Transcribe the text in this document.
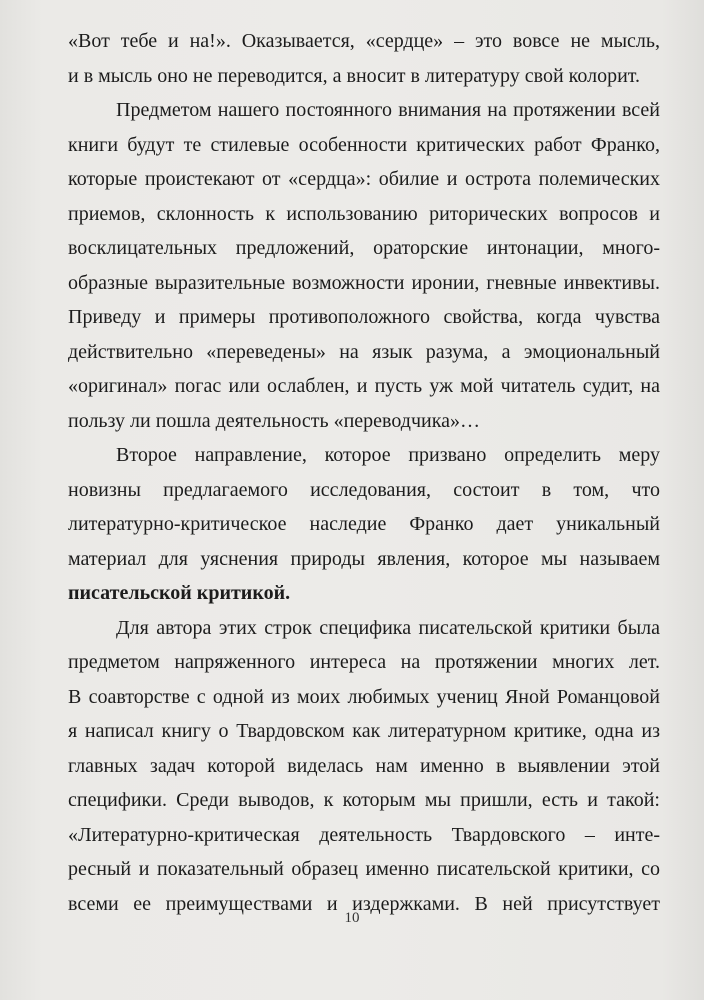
«Вот тебе и на!». Оказывается, «сердце» – это вовсе не мысль,
и в мысль оно не переводится, а вносит в литературу свой колорит.
Предметом нашего постоянного внимания на протяжении всей
книги будут те стилевые особенности критических работ Франко,
которые проистекают от «сердца»: обилие и острота полемических
приемов, склонность к использованию риторических вопросов и
восклицательных предложений, ораторские интонации, много-
образные выразительные возможности иронии, гневные инвективы.
Приведу и примеры противоположного свойства, когда чувства
действительно «переведены» на язык разума, а эмоциональный
«оригинал» погас или ослаблен, и пусть уж мой читатель судит, на
пользу ли пошла деятельность «переводчика»…
Второе направление, которое призвано определить меру
новизны предлагаемого исследования, состоит в том, что
литературно-критическое наследие Франко дает уникальный
материал для уяснения природы явления, которое мы называем
писательской критикой.
Для автора этих строк специфика писательской критики была
предметом напряженного интереса на протяжении многих лет.
В соавторстве с одной из моих любимых учениц Яной Романцовой
я написал книгу о Твардовском как литературном критике, одна из
главных задач которой виделась нам именно в выявлении этой
специфики. Среди выводов, к которым мы пришли, есть и такой:
«Литературно-критическая деятельность Твардовского – инте-
ресный и показательный образец именно писательской критики, со
всеми ее преимуществами и издержками. В ней присутствует
10
